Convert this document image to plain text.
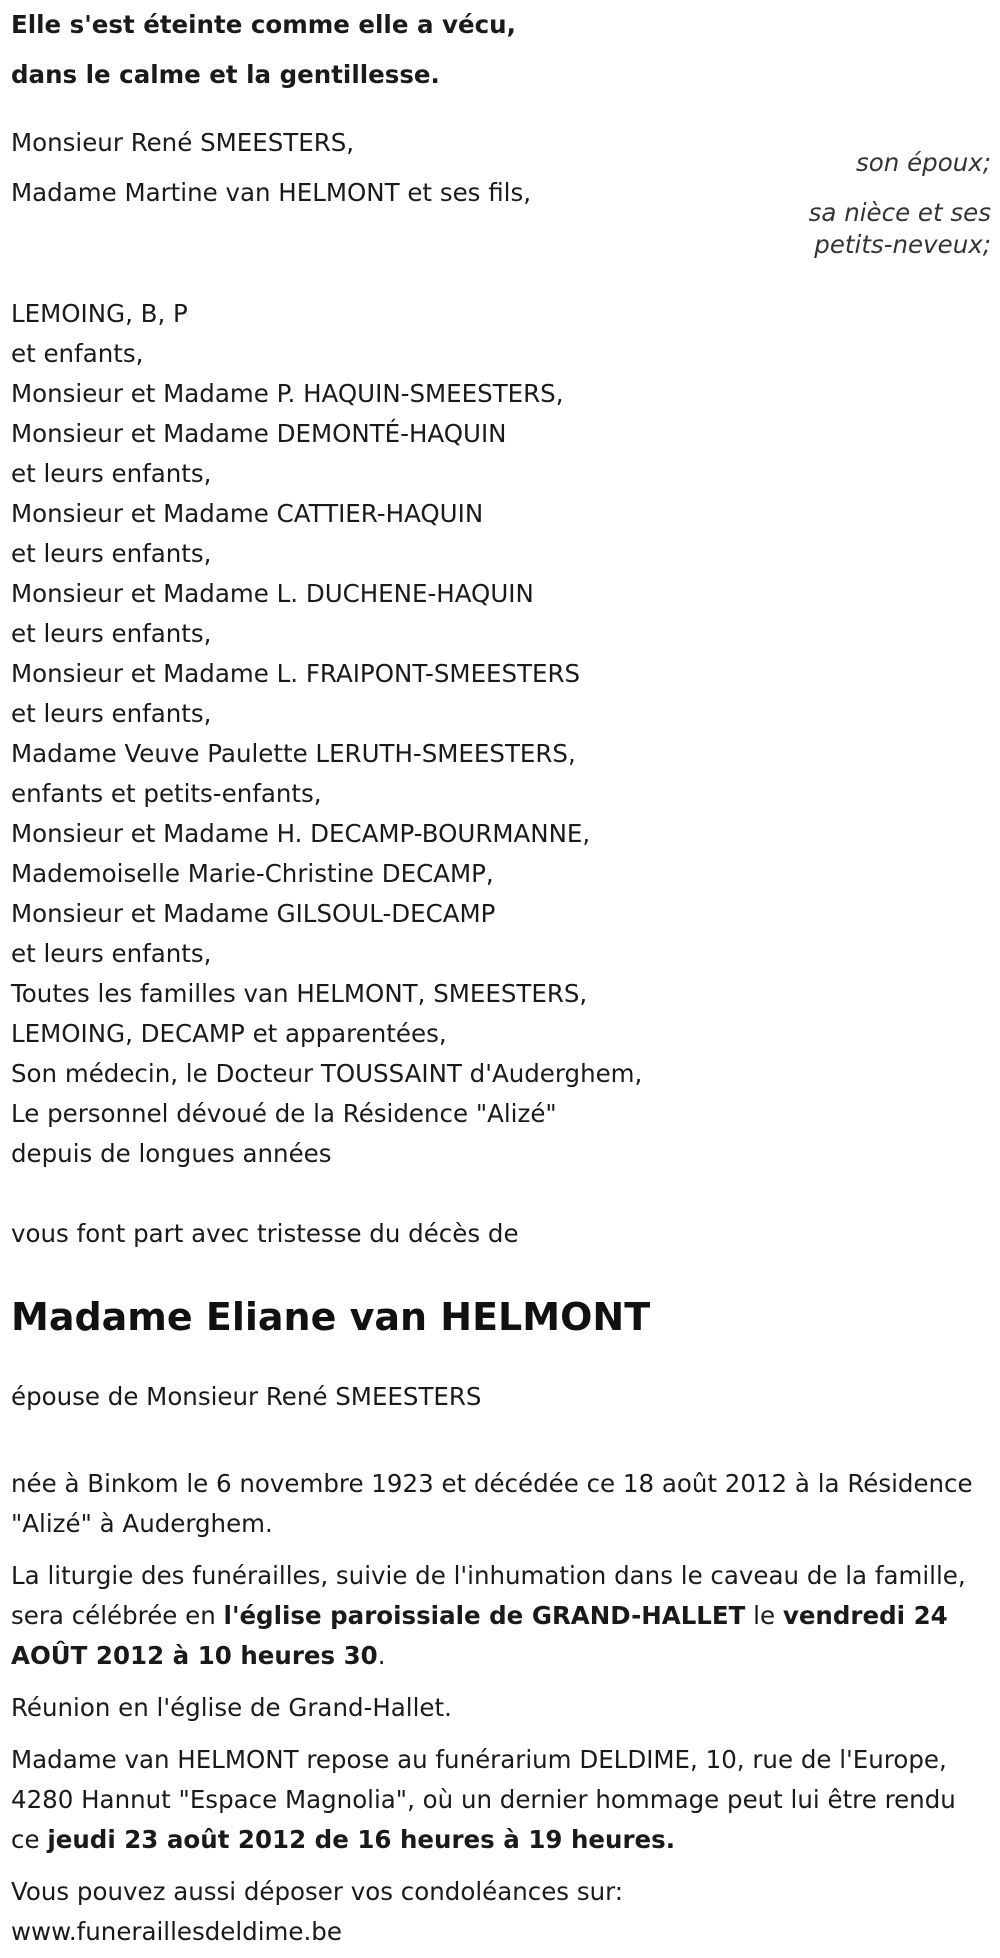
Elle s'est éteinte comme elle a vécu,
dans le calme et la gentillesse.
Monsieur René SMEESTERS,
son époux;
Madame Martine van HELMONT et ses fils,
sa nièce et ses
petits-neveux;
LEMOING, B, P
et enfants,
Monsieur et Madame P. HAQUIN-SMEESTERS,
Monsieur et Madame DEMONTÉ-HAQUIN
et leurs enfants,
Monsieur et Madame CATTIER-HAQUIN
et leurs enfants,
Monsieur et Madame L. DUCHENE-HAQUIN
et leurs enfants,
Monsieur et Madame L. FRAIPONT-SMEESTERS
et leurs enfants,
Madame Veuve Paulette LERUTH-SMEESTERS,
enfants et petits-enfants,
Monsieur et Madame H. DECAMP-BOURMANNE,
Mademoiselle Marie-Christine DECAMP,
Monsieur et Madame GILSOUL-DECAMP
et leurs enfants,
Toutes les familles van HELMONT, SMEESTERS,
LEMOING, DECAMP et apparentées,
Son médecin, le Docteur TOUSSAINT d'Auderghem,
Le personnel dévoué de la Résidence "Alizé"
depuis de longues années
vous font part avec tristesse du décès de
Madame Eliane van HELMONT
épouse de Monsieur René SMEESTERS
née à Binkom le 6 novembre 1923 et décédée ce 18 août 2012 à la Résidence "Alizé" à Auderghem.
La liturgie des funérailles, suivie de l'inhumation dans le caveau de la famille, sera célébrée en l'église paroissiale de GRAND-HALLET le vendredi 24 AOÛT 2012 à 10 heures 30.
Réunion en l'église de Grand-Hallet.
Madame van HELMONT repose au funérarium DELDIME, 10, rue de l'Europe, 4280 Hannut "Espace Magnolia", où un dernier hommage peut lui être rendu ce jeudi 23 août 2012 de 16 heures à 19 heures.
Vous pouvez aussi déposer vos condoléances sur:
www.funeraillesdeldime.be
